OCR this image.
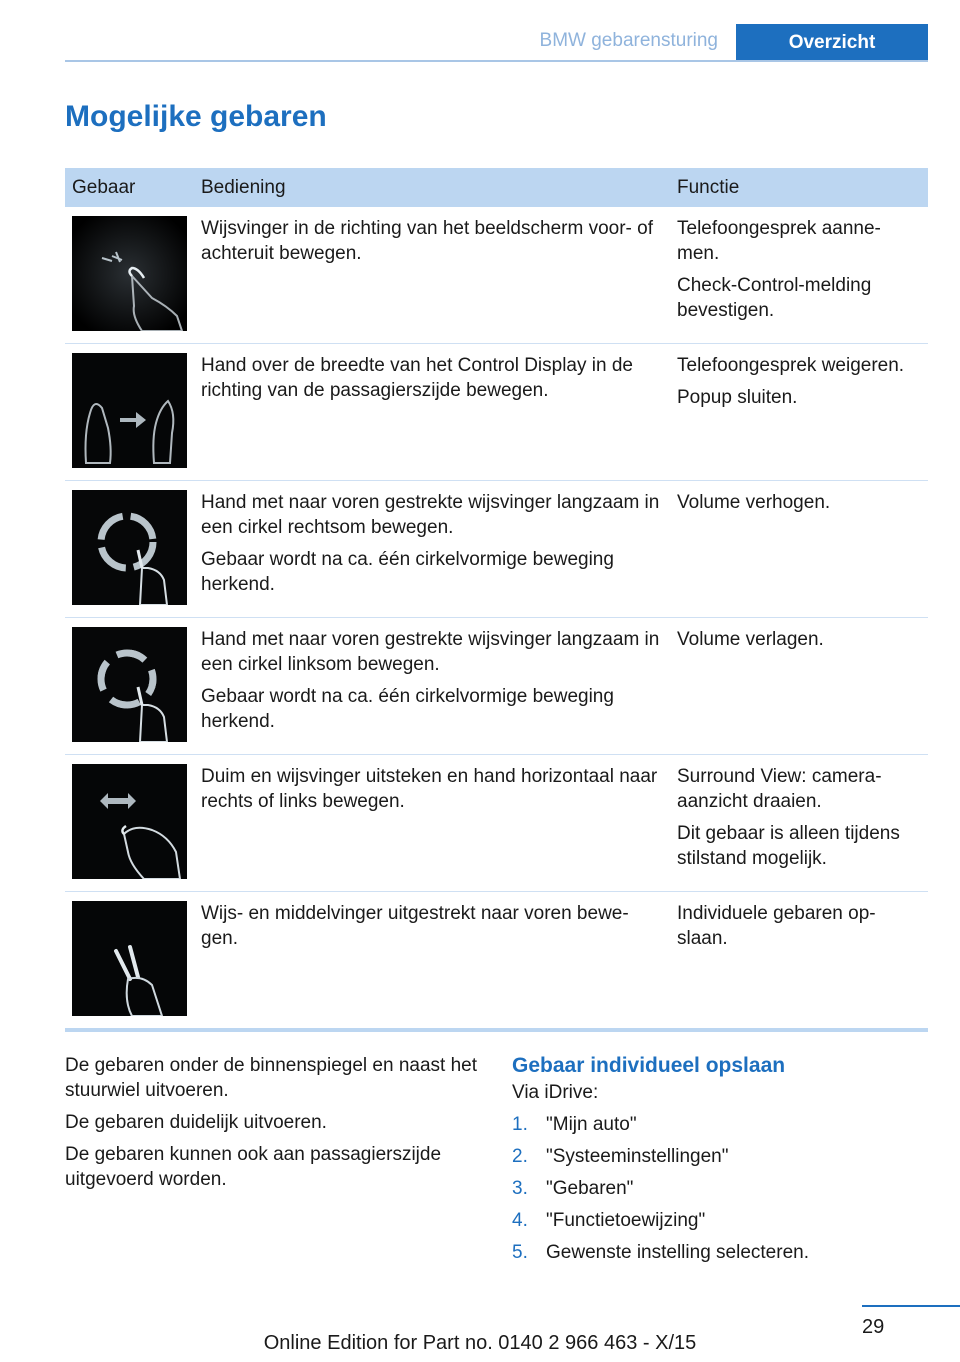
BMW gebarensturing	Overzicht
Mogelijke gebaren
Gebaar	Bediening	Functie

Wijsvinger in de richting van het beeldscherm voor- of achteruit bewegen.	Telefoongesprek aanne-men.

Check-Control-melding bevestigen.

Hand over de breedte van het Control Display in de richting van de passagierszijde bewegen.	Telefoongesprek weigeren.

Popup sluiten.

Hand met naar voren gestrekte wijsvinger langzaam in een cirkel rechtsom bewegen.

Gebaar wordt na ca. één cirkelvormige beweging herkend.	Volume verhogen.

Hand met naar voren gestrekte wijsvinger langzaam in een cirkel linksom bewegen.

Gebaar wordt na ca. één cirkelvormige beweging herkend.	Volume verlagen.

Duim en wijsvinger uitsteken en hand horizontaal naar rechts of links bewegen.	Surround View: camera-aanzicht draaien.

Dit gebaar is alleen tijdens stilstand mogelijk.

Wijs- en middelvinger uitgestrekt naar voren bewe-gen.	Individuele gebaren op-slaan.

De gebaren onder de binnenspiegel en naast het stuurwiel uitvoeren.

De gebaren duidelijk uitvoeren.

De gebaren kunnen ook aan passagierszijde uitgevoerd worden.

Gebaar individueel opslaan

Via iDrive:

1. "Mijn auto"
2. "Systeeminstellingen"
3. "Gebaren"
4. "Functietoewijzing"
5. Gewenste instelling selecteren.
29
Online Edition for Part no. 0140 2 966 463 - X/15
